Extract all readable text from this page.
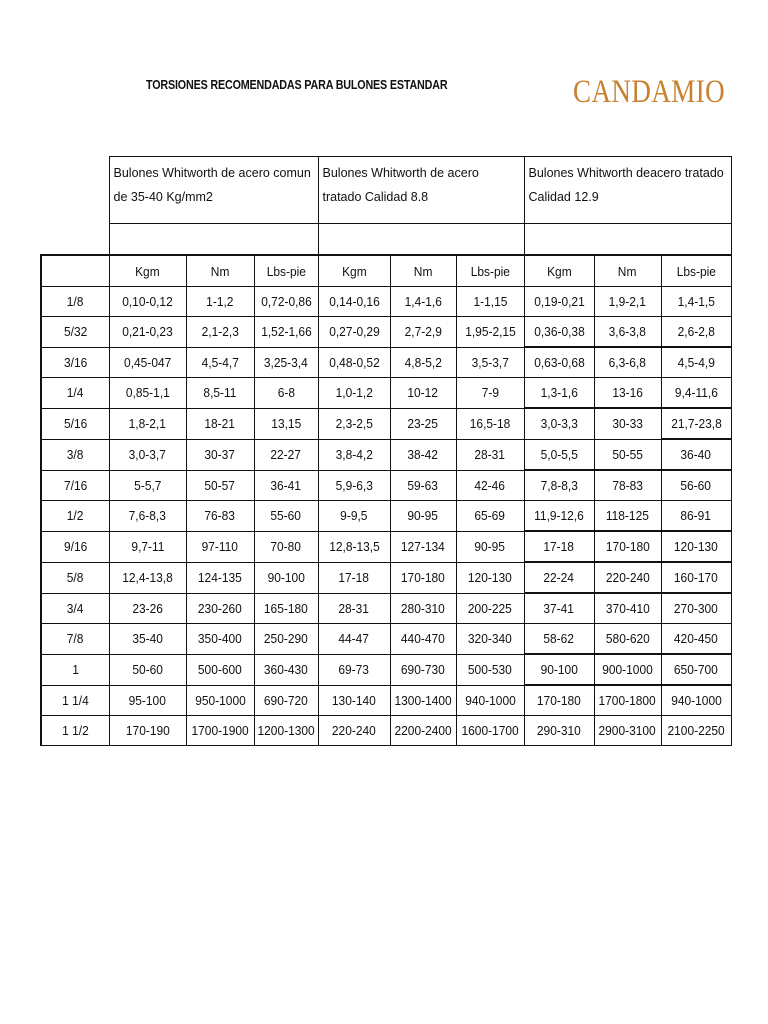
TORSIONES RECOMENDADAS PARA BULONES ESTANDAR	CANDAMIO
	Bulones Whitworth de acero comun de 35-40 Kg/mm2			Bulones Whitworth de acero tratado Calidad 8.8			Bulones Whitworth deacero tratado Calidad 12.9		

	Kgm	Nm	Lbs-pie	Kgm	Nm	Lbs-pie	Kgm	Nm	Lbs-pie
1/8	0,10-0,12	1-1,2	0,72-0,86	0,14-0,16	1,4-1,6	1-1,15	0,19-0,21	1,9-2,1	1,4-1,5
5/32	0,21-0,23	2,1-2,3	1,52-1,66	0,27-0,29	2,7-2,9	1,95-2,15	0,36-0,38	3,6-3,8	2,6-2,8
3/16	0,45-047	4,5-4,7	3,25-3,4	0,48-0,52	4,8-5,2	3,5-3,7	0,63-0,68	6,3-6,8	4,5-4,9
1/4	0,85-1,1	8,5-11	6-8	1,0-1,2	10-12	7-9	1,3-1,6	13-16	9,4-11,6
5/16	1,8-2,1	18-21	13,15	2,3-2,5	23-25	16,5-18	3,0-3,3	30-33	21,7-23,8
3/8	3,0-3,7	30-37	22-27	3,8-4,2	38-42	28-31	5,0-5,5	50-55	36-40
7/16	5-5,7	50-57	36-41	5,9-6,3	59-63	42-46	7,8-8,3	78-83	56-60
1/2	7,6-8,3	76-83	55-60	9-9,5	90-95	65-69	11,9-12,6	118-125	86-91
9/16	9,7-11	97-110	70-80	12,8-13,5	127-134	90-95	17-18	170-180	120-130
5/8	12,4-13,8	124-135	90-100	17-18	170-180	120-130	22-24	220-240	160-170
3/4	23-26	230-260	165-180	28-31	280-310	200-225	37-41	370-410	270-300
7/8	35-40	350-400	250-290	44-47	440-470	320-340	58-62	580-620	420-450
1	50-60	500-600	360-430	69-73	690-730	500-530	90-100	900-1000	650-700
1 1/4	95-100	950-1000	690-720	130-140	1300-1400	940-1000	170-180	1700-1800	940-1000
1 1/2	170-190	1700-1900	1200-1300	220-240	2200-2400	1600-1700	290-310	2900-3100	2100-2250
